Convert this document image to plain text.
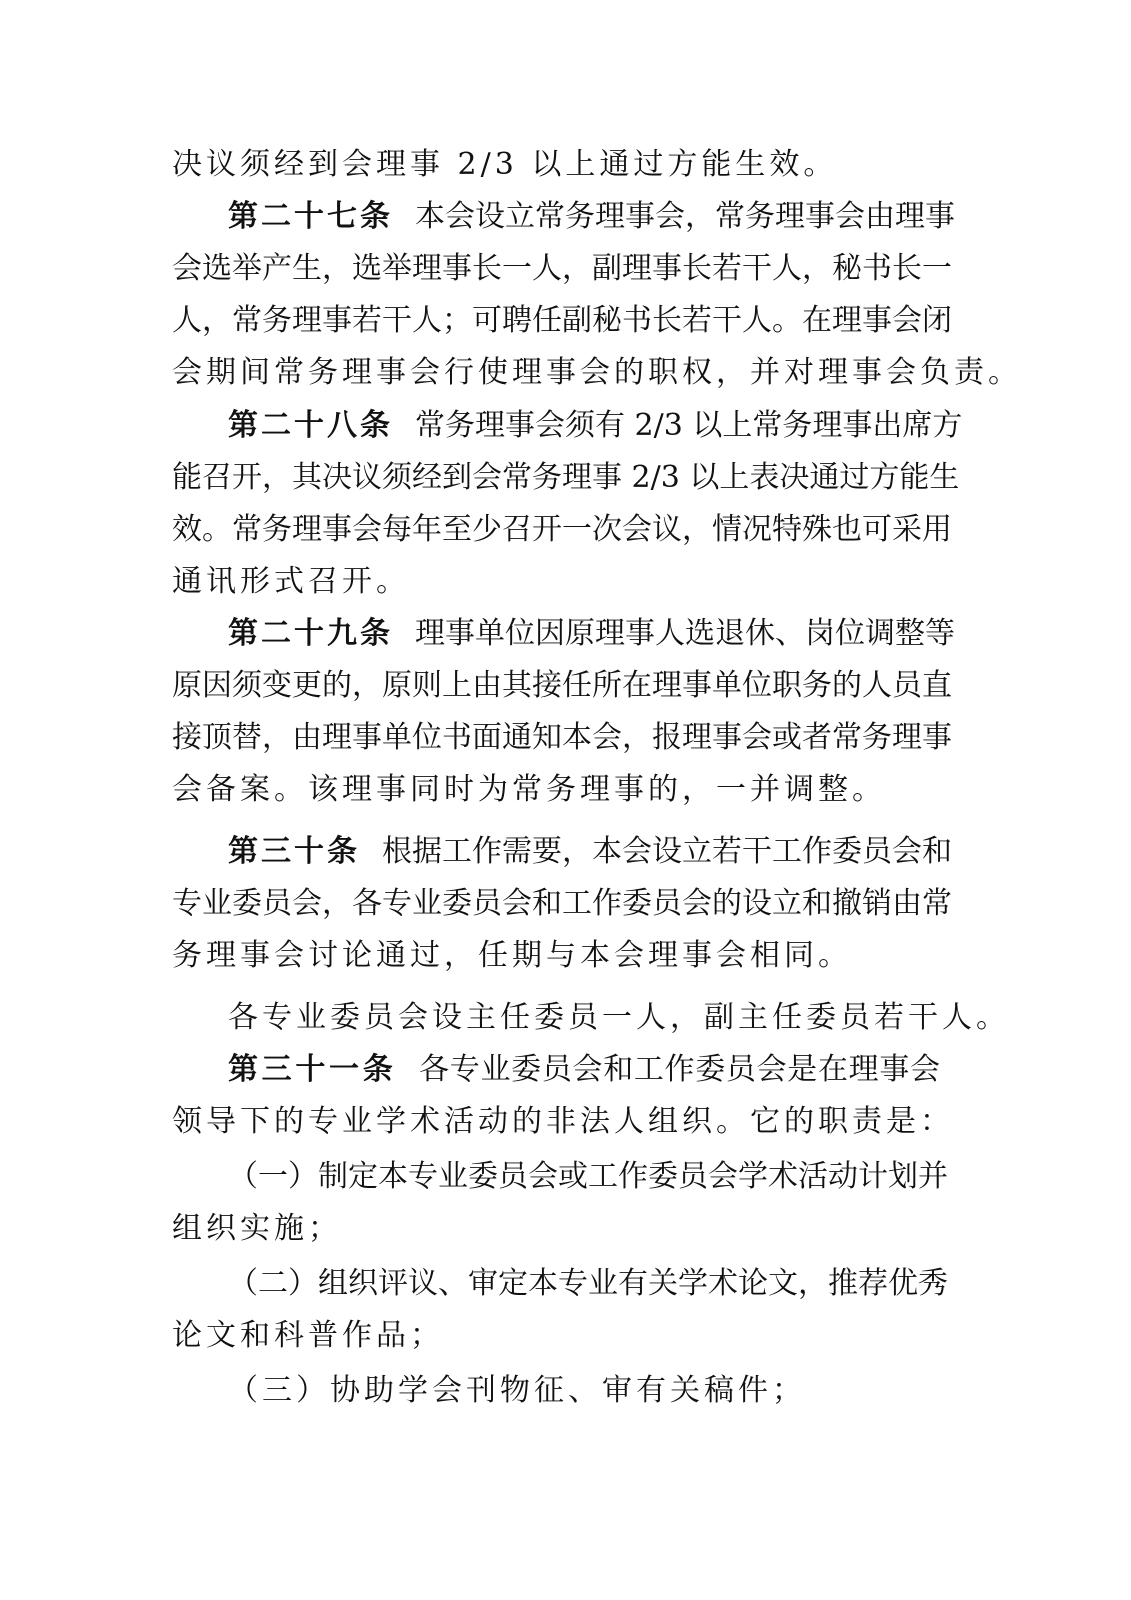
决议须经到会理事 2/3 以上通过方能生效。
第二十七条 本会设立常务理事会，常务理事会由理事
会选举产生，选举理事长一人，副理事长若干人，秘书长一
人，常务理事若干人；可聘任副秘书长若干人。在理事会闭
会期间常务理事会行使理事会的职权，并对理事会负责。
第二十八条 常务理事会须有 2/3 以上常务理事出席方
能召开，其决议须经到会常务理事 2/3 以上表决通过方能生
效。常务理事会每年至少召开一次会议，情况特殊也可采用
通讯形式召开。
第二十九条 理事单位因原理事人选退休、岗位调整等
原因须变更的，原则上由其接任所在理事单位职务的人员直
接顶替，由理事单位书面通知本会，报理事会或者常务理事
会备案。该理事同时为常务理事的，一并调整。
第三十条 根据工作需要，本会设立若干工作委员会和
专业委员会，各专业委员会和工作委员会的设立和撤销由常
务理事会讨论通过，任期与本会理事会相同。
各专业委员会设主任委员一人，副主任委员若干人。
第三十一条 各专业委员会和工作委员会是在理事会
领导下的专业学术活动的非法人组织。它的职责是：
（一）制定本专业委员会或工作委员会学术活动计划并
组织实施；
（二）组织评议、审定本专业有关学术论文，推荐优秀
论文和科普作品；
（三）协助学会刊物征、审有关稿件；
